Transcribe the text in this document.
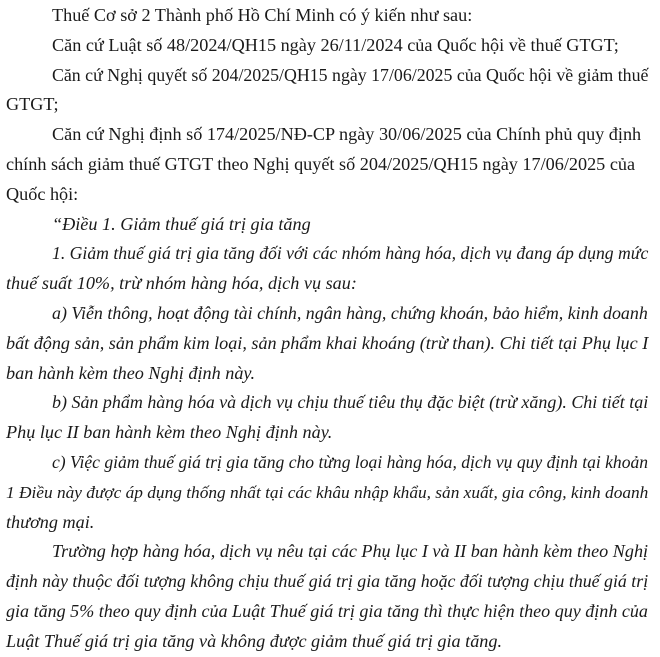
Thuế Cơ sở 2 Thành phố Hồ Chí Minh có ý kiến như sau:

Căn cứ Luật số 48/2024/QH15 ngày 26/11/2024 của Quốc hội về thuế GTGT;

Căn cứ Nghị quyết số 204/2025/QH15 ngày 17/06/2025 của Quốc hội về giảm thuế
GTGT;

Căn cứ Nghị định số 174/2025/NĐ-CP ngày 30/06/2025 của Chính phủ quy định
chính sách giảm thuế GTGT theo Nghị quyết số 204/2025/QH15 ngày 17/06/2025 của
Quốc hội:

“Điều 1. Giảm thuế giá trị gia tăng

1. Giảm thuế giá trị gia tăng đối với các nhóm hàng hóa, dịch vụ đang áp dụng mức
thuế suất 10%, trừ nhóm hàng hóa, dịch vụ sau:

a) Viễn thông, hoạt động tài chính, ngân hàng, chứng khoán, bảo hiểm, kinh doanh
bất động sản, sản phẩm kim loại, sản phẩm khai khoáng (trừ than). Chi tiết tại Phụ lục I
ban hành kèm theo Nghị định này.

b) Sản phẩm hàng hóa và dịch vụ chịu thuế tiêu thụ đặc biệt (trừ xăng). Chi tiết tại
Phụ lục II ban hành kèm theo Nghị định này.

c) Việc giảm thuế giá trị gia tăng cho từng loại hàng hóa, dịch vụ quy định tại khoản
1 Điều này được áp dụng thống nhất tại các khâu nhập khẩu, sản xuất, gia công, kinh doanh
thương mại.

Trường hợp hàng hóa, dịch vụ nêu tại các Phụ lục I và II ban hành kèm theo Nghị
định này thuộc đối tượng không chịu thuế giá trị gia tăng hoặc đối tượng chịu thuế giá trị
gia tăng 5% theo quy định của Luật Thuế giá trị gia tăng thì thực hiện theo quy định của
Luật Thuế giá trị gia tăng và không được giảm thuế giá trị gia tăng.
